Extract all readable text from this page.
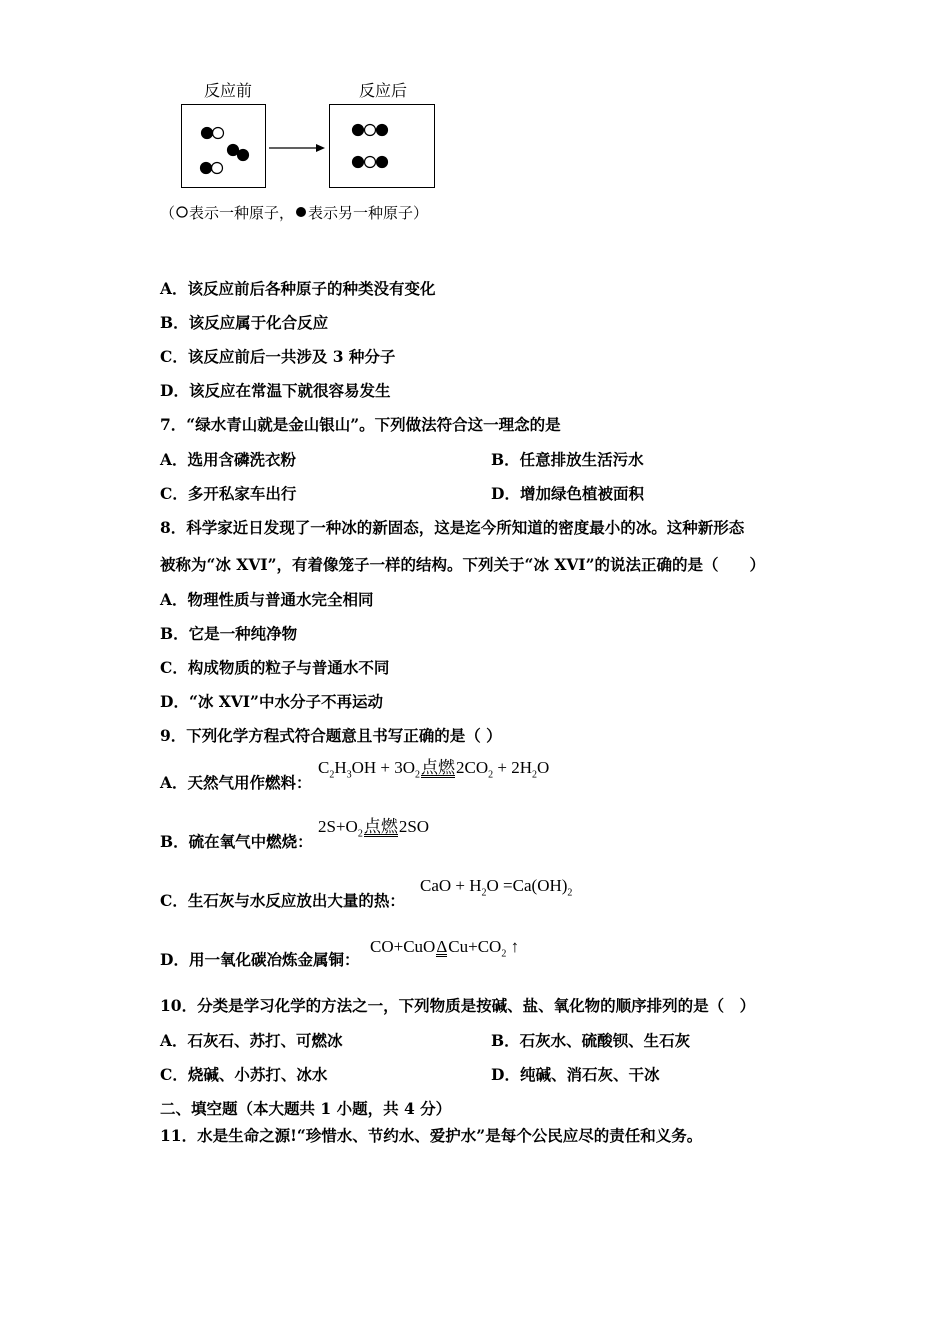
反应前	反应后
（ 表示一种原子， 表示另一种原子）
A．该反应前后各种原子的种类没有变化
B．该反应属于化合反应
C．该反应前后一共涉及 3 种分子
D．该反应在常温下就很容易发生
7．“绿水青山就是金山银山”。下列做法符合这一理念的是
A．选用含磷洗衣粉	B．任意排放生活污水
C．多开私家车出行	D．增加绿色植被面积
8．科学家近日发现了一种冰的新固态，这是迄今所知道的密度最小的冰。这种新形态
被称为“冰 XVI”，有着像笼子一样的结构。下列关于“冰 XVI”的说法正确的是（　　）
A．物理性质与普通水完全相同
B．它是一种纯净物
C．构成物质的粒子与普通水不同
D．“冰 XVI”中水分子不再运动
9．下列化学方程式符合题意且书写正确的是（ ）
A．天然气用作燃料：
$C_2H_3OH + 3O_2$点燃$2CO_2 + 2H_2O$
B．硫在氧气中燃烧：
$2S+O_2$点燃2SO
C．生石灰与水反应放出大量的热：
CaO + $H_2O =Ca(OH)_2$
D．用一氧化碳冶炼金属铜：
$CO+CuO\Delta Cu+CO_2$ ↑
10．分类是学习化学的方法之一，下列物质是按碱、盐、氧化物的顺序排列的是（　）
A．石灰石、苏打、可燃冰	B．石灰水、硫酸钡、生石灰
C．烧碱、小苏打、冰水	D．纯碱、消石灰、干冰
二、填空题（本大题共 1 小题，共 4 分）
11．水是生命之源!“珍惜水、节约水、爱护水”是每个公民应尽的责任和义务。
